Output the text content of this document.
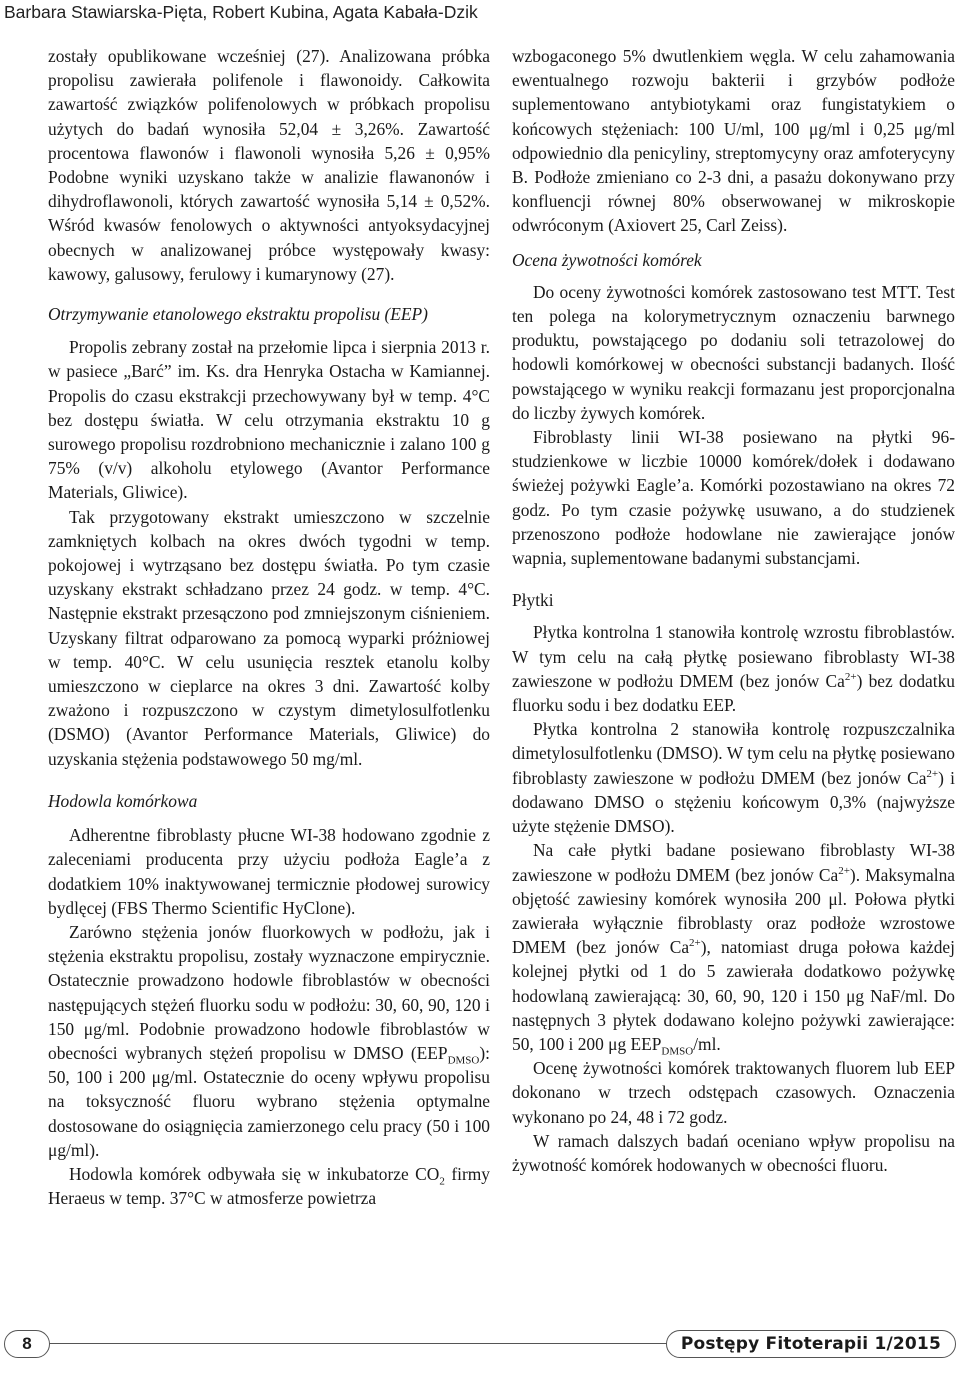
Barbara Stawiarska-Pięta, Robert Kubina, Agata Kabała-Dzik

zostały opublikowane wcześniej (27). Analizowana próbka propolisu zawierała polifenole i flawonoidy. Całkowita zawartość związków polifenolowych w próbkach propolisu użytych do badań wynosiła 52,04 ± 3,26%. Zawartość procentowa flawonów i flawonoli wynosiła 5,26 ± 0,95% Podobne wyniki uzyskano także w analizie flawanonów i dihydroflawonoli, których zawartość wynosiła 5,14 ± 0,52%. Wśród kwasów fenolowych o aktywności antyoksydacyjnej obecnych w analizowanej próbce występowały kwasy: kawowy, galusowy, ferulowy i kumarynowy (27).

Otrzymywanie etanolowego ekstraktu propolisu (EEP)

Propolis zebrany został na przełomie lipca i sierpnia 2013 r. w pasiece „Barć” im. Ks. dra Henryka Ostacha w Kamiannej. Propolis do czasu ekstrakcji przechowywany był w temp. 4°C bez dostępu światła. W celu otrzymania ekstraktu 10 g surowego propolisu rozdrobniono mechanicznie i zalano 100 g 75% (v/v) alkoholu etylowego (Avantor Performance Materials, Gliwice).

Tak przygotowany ekstrakt umieszczono w szczelnie zamkniętych kolbach na okres dwóch tygodni w temp. pokojowej i wytrząsano bez dostępu światła. Po tym czasie uzyskany ekstrakt schładzano przez 24 godz. w temp. 4°C. Następnie ekstrakt przesączono pod zmniejszonym ciśnieniem. Uzyskany filtrat odparowano za pomocą wyparki próżniowej w temp. 40°C. W celu usunięcia resztek etanolu kolby umieszczono w cieplarce na okres 3 dni. Zawartość kolby zważono i rozpuszczono w czystym dimetylosulfotlenku (DSMO) (Avantor Performance Materials, Gliwice) do uzyskania stężenia podstawowego 50 mg/ml.

Hodowla komórkowa

Adherentne fibroblasty płucne WI-38 hodowano zgodnie z zaleceniami producenta przy użyciu podłoża Eagle’a z dodatkiem 10% inaktywowanej termicznie płodowej surowicy bydlęcej (FBS Thermo Scientific HyClone).

Zarówno stężenia jonów fluorkowych w podłożu, jak i stężenia ekstraktu propolisu, zostały wyznaczone empirycznie. Ostatecznie prowadzono hodowle fibroblastów w obecności następujących stężeń fluorku sodu w podłożu: 30, 60, 90, 120 i 150 μg/ml. Podobnie prowadzono hodowle fibroblastów w obecności wybranych stężeń propolisu w DMSO $(EEP_{DMSO})$: 50, 100 i 200 μg/ml. Ostatecznie do oceny wpływu propolisu na toksyczność fluoru wybrano stężenia optymalne dostosowane do osiągnięcia zamierzonego celu pracy (50 i 100 μg/ml).

Hodowla komórek odbywała się w inkubatorze $CO_2$ firmy Heraeus w temp. 37°C w atmosferze powietrza

wzbogaconego 5% dwutlenkiem węgla. W celu zahamowania ewentualnego rozwoju bakterii i grzybów podłoże suplementowano antybiotykami oraz fungistatykiem o końcowych stężeniach: 100 U/ml, 100 μg/ml i 0,25 μg/ml odpowiednio dla penicyliny, streptomycyny oraz amfoterycyny B. Podłoże zmieniano co 2-3 dni, a pasażu dokonywano przy konfluencji równej 80% obserwowanej w mikroskopie odwróconym (Axiovert 25, Carl Zeiss).

Ocena żywotności komórek

Do oceny żywotności komórek zastosowano test MTT. Test ten polega na kolorymetrycznym oznaczeniu barwnego produktu, powstającego po dodaniu soli tetrazolowej do hodowli komórkowej w obecności substancji badanych. Ilość powstającego w wyniku reakcji formazanu jest proporcjonalna do liczby żywych komórek.

Fibroblasty linii WI-38 posiewano na płytki 96-studzienkowe w liczbie 10000 komórek/dołek i dodawano świeżej pożywki Eagle’a. Komórki pozostawiano na okres 72 godz. Po tym czasie pożywkę usuwano, a do studzienek przenoszono podłoże hodowlane nie zawierające jonów wapnia, suplementowane badanymi substancjami.

Płytki

Płytka kontrolna 1 stanowiła kontrolę wzrostu fibroblastów. W tym celu na całą płytkę posiewano fibroblasty WI-38 zawieszone w podłożu DMEM (bez jonów $Ca^{2+}$) bez dodatku fluorku sodu i bez dodatku EEP.

Płytka kontrolna 2 stanowiła kontrolę rozpuszczalnika dimetylosulfotlenku (DMSO). W tym celu na płytkę posiewano fibroblasty zawieszone w podłożu DMEM (bez jonów $Ca^{2+}$) i dodawano DMSO o stężeniu końcowym 0,3% (najwyższe użyte stężenie DMSO).

Na całe płytki badane posiewano fibroblasty WI-38 zawieszone w podłożu DMEM (bez jonów $Ca^{2+}$). Maksymalna objętość zawiesiny komórek wynosiła 200 μl. Połowa płytki zawierała wyłącznie fibroblasty oraz podłoże wzrostowe DMEM (bez jonów $Ca^{2+}$), natomiast druga połowa każdej kolejnej płytki od 1 do 5 zawierała dodatkowo pożywkę hodowlaną zawierającą: 30, 60, 90, 120 i 150 μg NaF/ml. Do następnych 3 płytek dodawano kolejno pożywki zawierające: 50, 100 i 200 μg $EEP_{DMSO}/ml$.

Ocenę żywotności komórek traktowanych fluorem lub EEP dokonano w trzech odstępach czasowych. Oznaczenia wykonano po 24, 48 i 72 godz.

W ramach dalszych badań oceniano wpływ propolisu na żywotność komórek hodowanych w obecności fluoru.

8	Postępy Fitoterapii 1/2015
